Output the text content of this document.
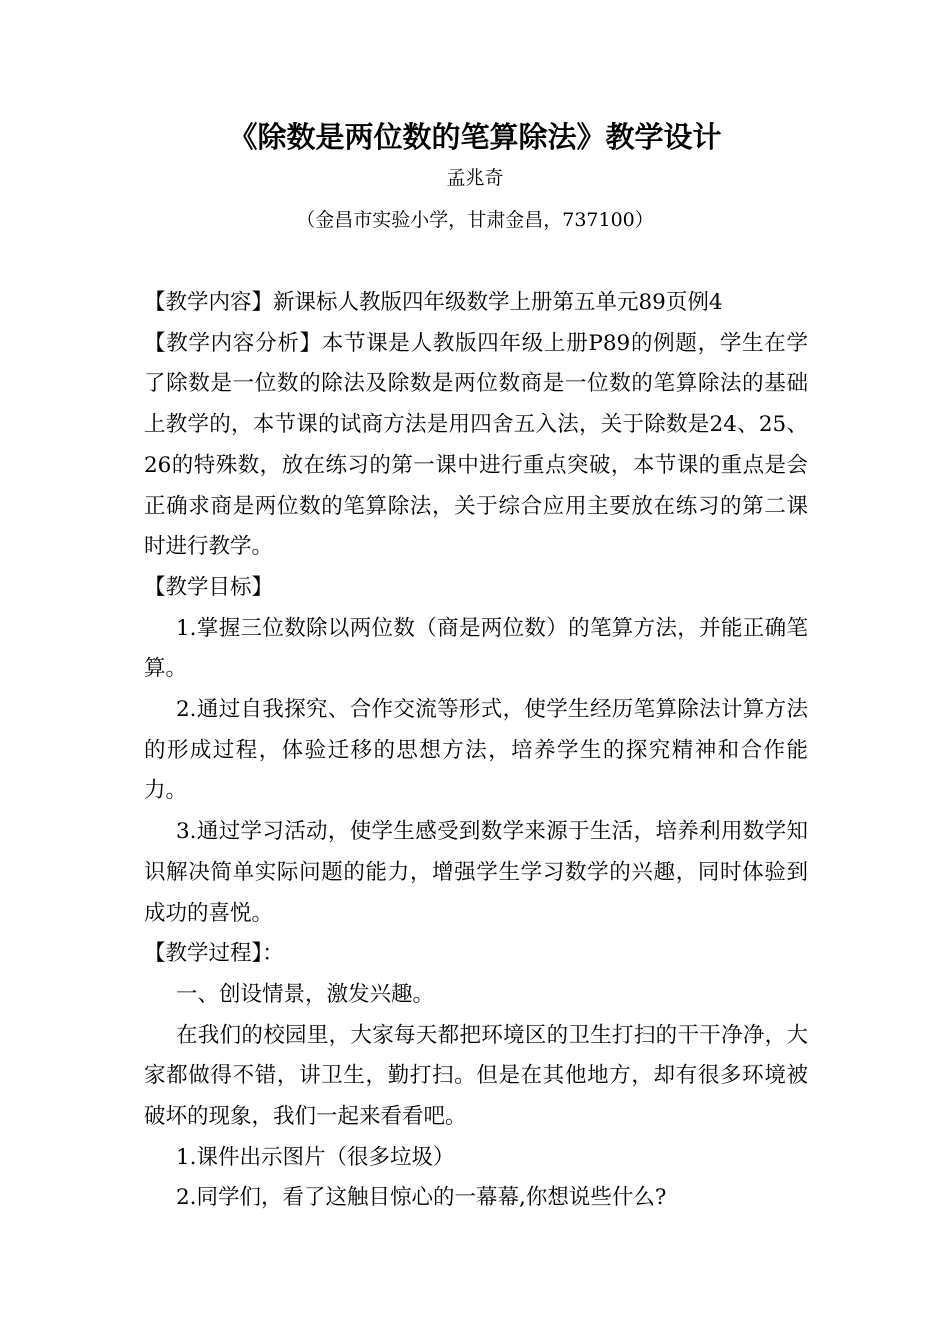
《除数是两位数的笔算除法》教学设计
孟兆奇
（金昌市实验小学，甘肃金昌，737100）

【教学内容】新课标人教版四年级数学上册第五单元89页例4

【教学内容分析】本节课是人教版四年级上册P89的例题，学生在学了除数是一位数的除法及除数是两位数商是一位数的笔算除法的基础上教学的，本节课的试商方法是用四舍五入法，关于除数是24、25、26的特殊数，放在练习的第一课中进行重点突破，本节课的重点是会正确求商是两位数的笔算除法，关于综合应用主要放在练习的第二课时进行教学。

【教学目标】

1.掌握三位数除以两位数（商是两位数）的笔算方法，并能正确笔算。

2.通过自我探究、合作交流等形式，使学生经历笔算除法计算方法的形成过程，体验迁移的思想方法，培养学生的探究精神和合作能力。

3.通过学习活动，使学生感受到数学来源于生活，培养利用数学知识解决简单实际问题的能力，增强学生学习数学的兴趣，同时体验到成功的喜悦。

【教学过程】：

一、创设情景，激发兴趣。

在我们的校园里，大家每天都把环境区的卫生打扫的干干净净，大家都做得不错，讲卫生，勤打扫。但是在其他地方，却有很多环境被破坏的现象，我们一起来看看吧。

1.课件出示图片（很多垃圾）

2.同学们，看了这触目惊心的一幕幕,你想说些什么?
